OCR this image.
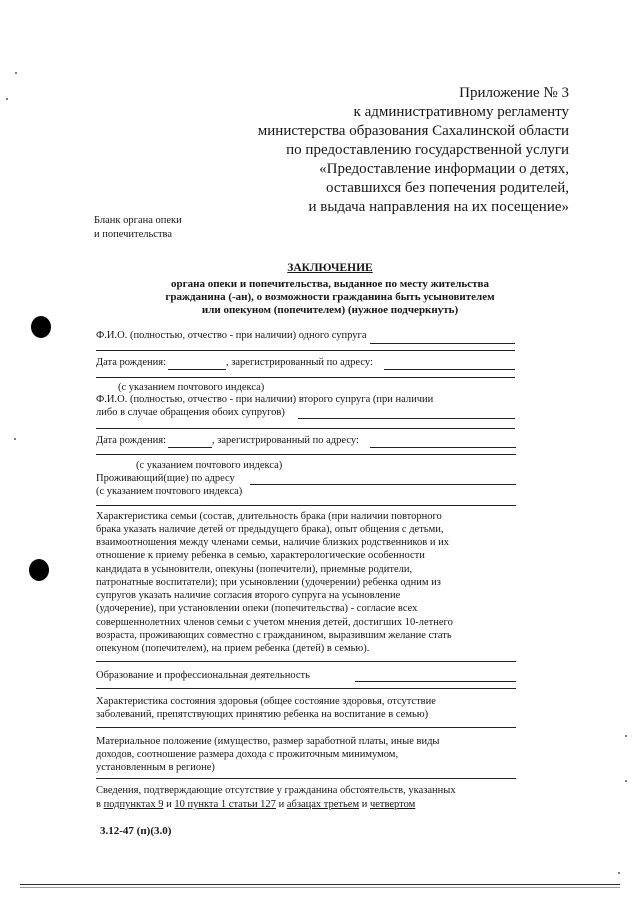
Приложение № 3
к административному регламенту
министерства образования Сахалинской области
по предоставлению государственной услуги
«Предоставление информации о детях,
оставшихся без попечения родителей,
и выдача направления на их посещение»
Бланк органа опеки
и попечительства
ЗАКЛЮЧЕНИЕ
органа опеки и попечительства, выданное по месту жительства
гражданина (-ан), о возможности гражданина быть усыновителем
или опекуном (попечителем) (нужное подчеркнуть)
Ф.И.О. (полностью, отчество - при наличии) одного супруга
Дата рождения:	, зарегистрированный по адресу:
(с указанием почтового индекса)
Ф.И.О. (полностью, отчество - при наличии) второго супруга (при наличии
либо в случае обращения обоих супругов)
Дата рождения:	, зарегистрированный по адресу:
(с указанием почтового индекса)
Проживающий(щие) по адресу
(с указанием почтового индекса)
Характеристика семьи (состав, длительность брака (при наличии повторного
брака указать наличие детей от предыдущего брака), опыт общения с детьми,
взаимоотношения между членами семьи, наличие близких родственников и их
отношение к приему ребенка в семью, характерологические особенности
кандидата в усыновители, опекуны (попечители), приемные родители,
патронатные воспитатели); при усыновлении (удочерении) ребенка одним из
супругов указать наличие согласия второго супруга на усыновление
(удочерение), при установлении опеки (попечительства) - согласие всех
совершеннолетних членов семьи с учетом мнения детей, достигших 10-летнего
возраста, проживающих совместно с гражданином, выразившим желание стать
опекуном (попечителем), на прием ребенка (детей) в семью).
Образование и профессиональная деятельность
Характеристика состояния здоровья (общее состояние здоровья, отсутствие
заболеваний, препятствующих принятию ребенка на воспитание в семью)
Материальное положение (имущество, размер заработной платы, иные виды
доходов, соотношение размера дохода с прожиточным минимумом,
установленным в регионе)
Сведения, подтверждающие отсутствие у гражданина обстоятельств, указанных
в подпунктах 9 и 10 пункта 1 статьи 127 и абзацах третьем и четвертом
3.12-47 (п)(3.0)
